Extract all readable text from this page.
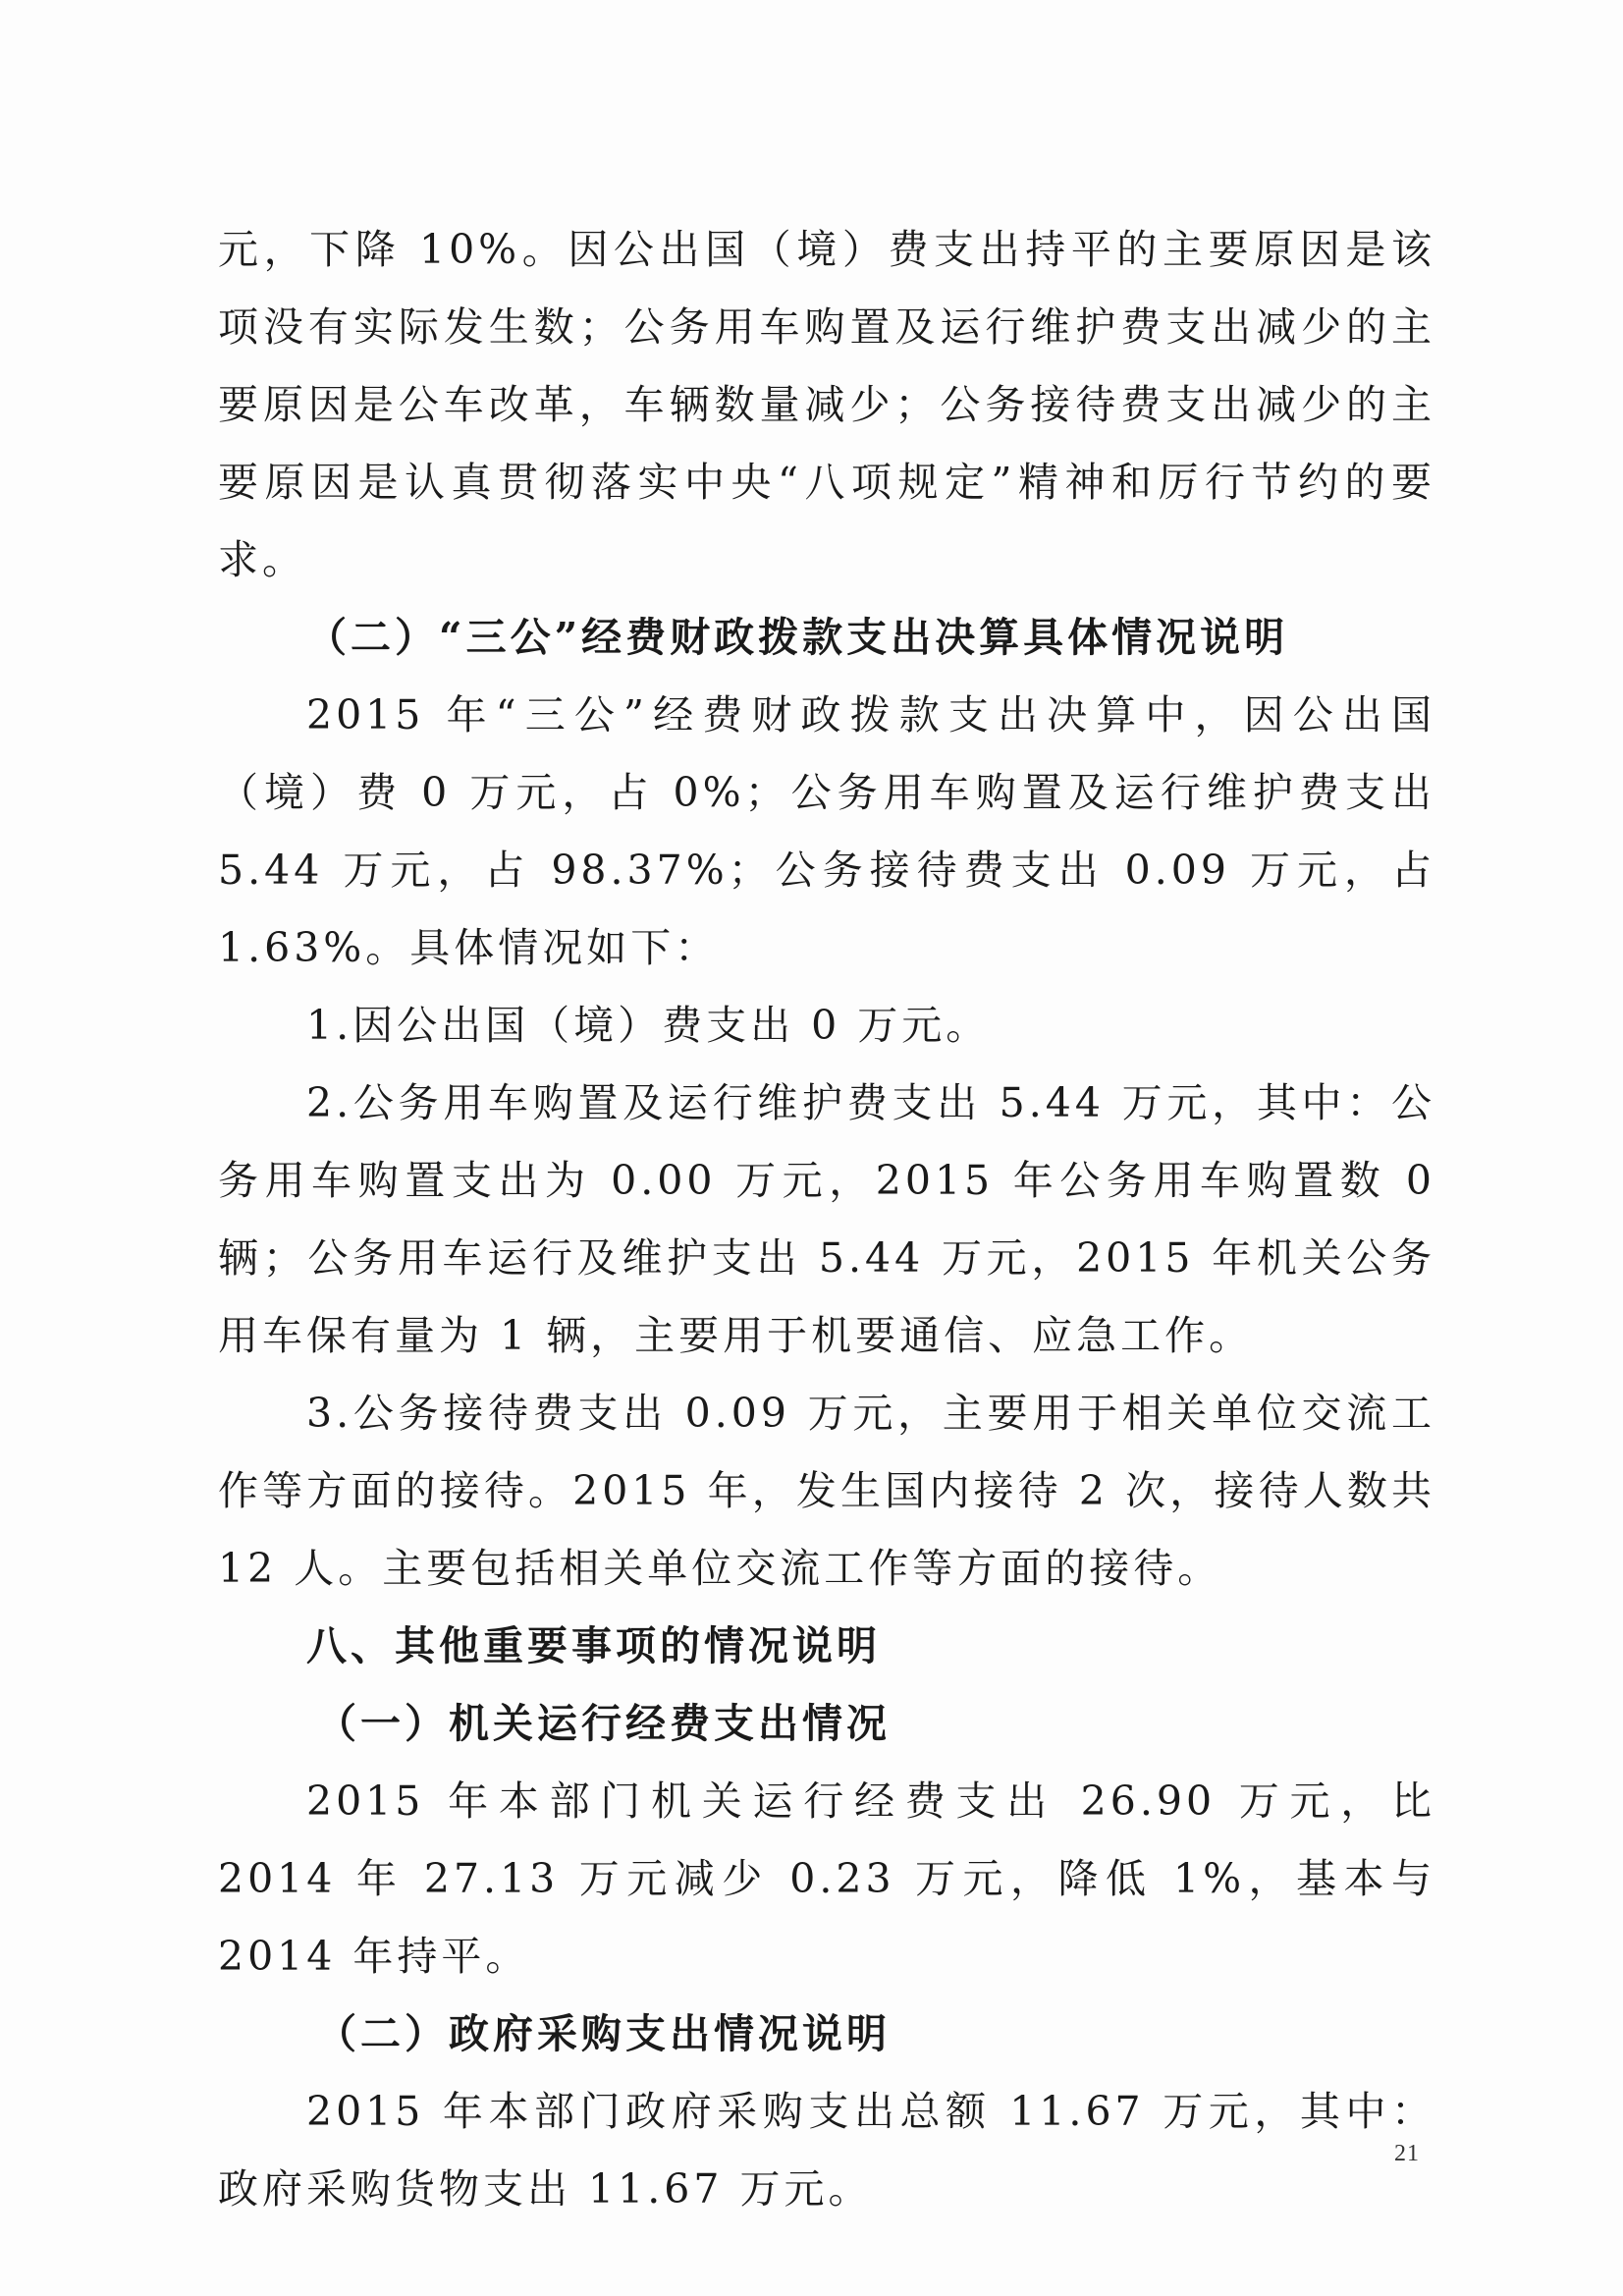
元，下降 10%。因公出国（境）费支出持平的主要原因是该项没有实际发生数；公务用车购置及运行维护费支出减少的主要原因是公车改革，车辆数量减少；公务接待费支出减少的主要原因是认真贯彻落实中央“八项规定”精神和厉行节约的要求。

（二）“三公”经费财政拨款支出决算具体情况说明

2015 年“三公”经费财政拨款支出决算中，因公出国（境）费 0 万元，占 0%；公务用车购置及运行维护费支出 5.44 万元，占 98.37%；公务接待费支出 0.09 万元，占 1.63%。具体情况如下：

1.因公出国（境）费支出 0 万元。

2.公务用车购置及运行维护费支出 5.44 万元，其中：公务用车购置支出为 0.00 万元，2015 年公务用车购置数 0 辆；公务用车运行及维护支出 5.44 万元，2015 年机关公务用车保有量为 1 辆，主要用于机要通信、应急工作。

3.公务接待费支出 0.09 万元，主要用于相关单位交流工作等方面的接待。2015 年，发生国内接待 2 次，接待人数共 12 人。主要包括相关单位交流工作等方面的接待。

八、其他重要事项的情况说明
（一）机关运行经费支出情况

2015 年本部门机关运行经费支出 26.90 万元，比 2014 年 27.13 万元减少 0.23 万元，降低 1%，基本与 2014 年持平。

（二）政府采购支出情况说明

2015 年本部门政府采购支出总额 11.67 万元，其中：政府采购货物支出 11.67 万元。

21
